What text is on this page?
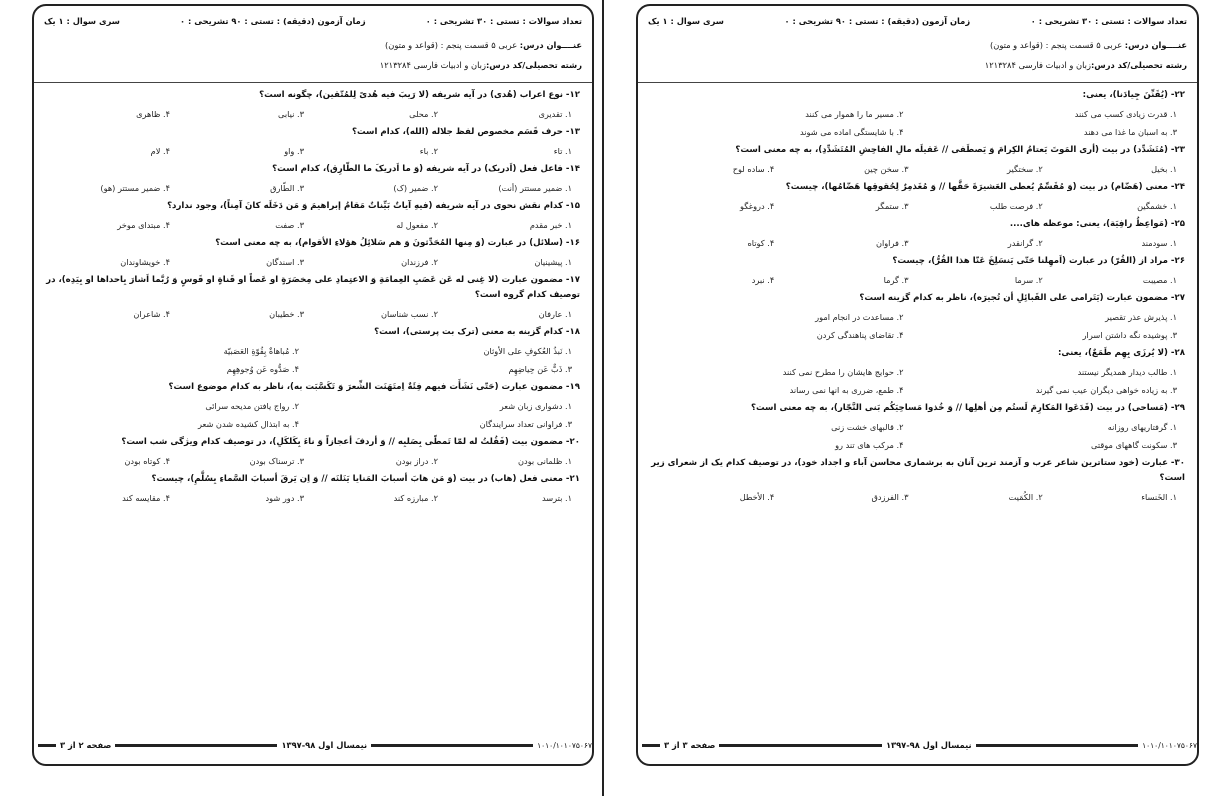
تعداد سوالات : تستی : ۳۰ تشریحی : ۰
زمان آزمون (دقیقه) : تستی : ۹۰ تشریحی : ۰
سری سوال : ۱ یک
عنــــوان درس: عربی ۵ قسمت پنجم : (قواعد و متون)
رشته تحصیلی/کد درس:زبان و ادبیات فارسی ۱۲۱۳۲۸۴
۱۲- نوع اعراب (هُدی) در آیه شریفه (لا رَیبَ فیه هُدیً لِلمُتّقین)، چگونه است؟
۱. تقدیری
۲. محلی
۳. نیابی
۴. ظاهری
۱۳- حرف قَسَم مخصوص لفظ جلاله (الله)، کدام است؟
۱. تاء
۲. باء
۳. واو
۴. لام
۱۴- فاعل فعل (اَدریک) در آیه شریفه (وَ ما اَدریکَ ما الطّارِق)، کدام است؟
۱. ضمیر مستتر (أنت)
۲. ضمیر (ک)
۳. الطّارق
۴. ضمیر مستتر (هو)
۱۵- کدام نقش نحوی در آیه شریفه (فیهِ آیاتٌ بَیِّناتٌ مَقامُ إبراهیمَ وَ مَن دَخَلَه کانَ آمِناً)، وجود ندارد؟
۱. خبر مقدم
۲. مفعول له
۳. صفت
۴. مبتدای موخر
۱۶- (سلائل) در عبارت (وَ مِنها المُحَدِّثونَ وَ هم سَلائِلُ هؤلاءِ الأقوام)، به چه معنی است؟
۱. پیشینیان
۲. فرزندان
۳. اسندگان
۴. خویشاوندان
۱۷- مضمون عبارت (لا غِنی له عَن عَصَبِ العِمامَةِ وَ الاعتِمادِ علی مِخصَرَةٍ او عَصاً او قَناةٍ او قَوسٍ وَ رُبَّما اَشارَ بِاحداها او بِیَدِه)، در توصیف کدام گروه است؟
۱. عارفان
۲. نسب شناسان
۳. خطیبان
۴. شاعران
۱۸- کدام گزینه به معنی (ترک بت پرستی)، است؟
۱. نَبذُ العُکوفِ علی الأوثان
۲. مُباهاةٌ بِقُوّةِ العَصَبیّة
۳. ذَبٌّ عَن حِیاضِهِم
۴. صَدُّوه عَن وُجوهِهِم
۱۹- مضمون عبارت (حَتّی نَشَأَت فیهم فِئَةٌ اِمتَهَنَت الشِّعرَ وَ تَکَسَّبَت به)، ناظر به کدام موضوع است؟
۱. دشواری زبان شعر
۲. رواج یافتن مدیحه سرائی
۳. فراوانی تعداد سرایندگان
۴. به ابتذال کشیده شدن شعر
۲۰- مضمون بیت (فَقُلتُ له لمّا تَمطّی بِصَلبِه // وَ أردفَ أعجازاً وَ ناءَ بِکَلکَلِ)، در توصیف کدام ویژگی شب است؟
۱. ظلمانی بودن
۲. دراز بودن
۳. ترسناک بودن
۴. کوتاه بودن
۲۱- معنی فعل (هاب) در بیت (وَ مَن هابَ أسبابَ المَنایا یَنَلنَه // وَ اِن یَرقَ أسبابَ السَّماءِ بِسُلَّمِ)، چیست؟
۱. بترسد
۲. مبارزه کند
۳. دور شود
۴. مقایسه کند
۱۰۱۰/۱۰۱۰۷۵۰۶۷
نیمسال اول ۹۸-۱۳۹۷
صفحه ۲ از ۳
تعداد سوالات : تستی : ۳۰ تشریحی : ۰
زمان آزمون (دقیقه) : تستی : ۹۰ تشریحی : ۰
سری سوال : ۱ یک
عنــــوان درس: عربی ۵ قسمت پنجم : (قواعد و متون)
رشته تحصیلی/کد درس:زبان و ادبیات فارسی ۱۲۱۳۲۸۴
۲۲- (یُقَنِّنَ جِیادَنا)، یعنی:
۱. قدرت زیادی کسب می کنند
۲. مسیر ما را هموار می کنند
۳. به اسبان ما غذا می دهند
۴. با شایستگی اماده می شوند
۲۳- (مُتَشَدِّد) در بیت (أری المَوتَ یَعتامُ الکِرامَ وَ یَصطَفی // عَقیلَه مالِ الفاحِشِ المُتَشَدِّدِ)، به چه معنی است؟
۱. بخیل
۲. سختگیر
۳. سخن چین
۴. ساده لوح
۲۴- معنی (هَضّام) در بیت (وَ مُقَسِّمٌ یُعطی العَشیرَةَ حَقَّها // وَ مُغَذمِرٌ لِحُقوقِها هَضّامُها)، چیست؟
۱. خشمگین
۲. فرصت طلب
۳. ستمگر
۴. دروغگو
۲۵- (مَواعِظُ رافِیَة)، یعنی: موعظه های....
۱. سودمند
۲. گرانقدر
۳. فراوان
۴. کوتاه
۲۶- مراد از (القُرّ) در عبارت (اَمهِلنا حَتّی یَنسَلِخَ عَنّا هذا القُرُّ)، چیست؟
۱. مصیبت
۲. سرما
۳. گرما
۴. نبرد
۲۷- مضمون عبارت (یَتَرامی علی القَبائِلِ أن تُجیرَه)، ناظر به کدام گزینه است؟
۱. پذیرش عذر تقصیر
۲. مساعدت در انجام امور
۳. پوشیده نگه داشتن اسرار
۴. تقاضای پناهندگی کردن
۲۸- (لا یُرزَی بِهِم طَمَعٌ)، یعنی:
۱. طالب دیدار همدیگر نیستند
۲. حوایج هایشان را مطرح نمی کنند
۳. به زیاده خواهی دیگران عیب نمی گیرند
۴. طمع، ضرری به انها نمی رساند
۲۹- (مَساحی) در بیت (قَدَعَوا المَکارِمَ لَستُم مِن أهلِها // وَ خُذوا مَساحِیَکُم بَنی النَّجّار)، به چه معنی است؟
۱. گرفتاریهای روزانه
۲. قالبهای خشت زنی
۳. سکونت گاههای موقتی
۴. مرکب های تند رو
۳۰- عبارت (خود ستاترین شاعر عرب و آزمند ترین آنان به برشماری محاسن آباء و اجداد خود)، در توصیف کدام یک از شعرای زیر است؟
۱. الخَنساء
۲. الکُمَیت
۳. الفرزدق
۴. الأخطل
۱۰۱۰/۱۰۱۰۷۵۰۶۷
نیمسال اول ۹۸-۱۳۹۷
صفحه ۳ از ۳
